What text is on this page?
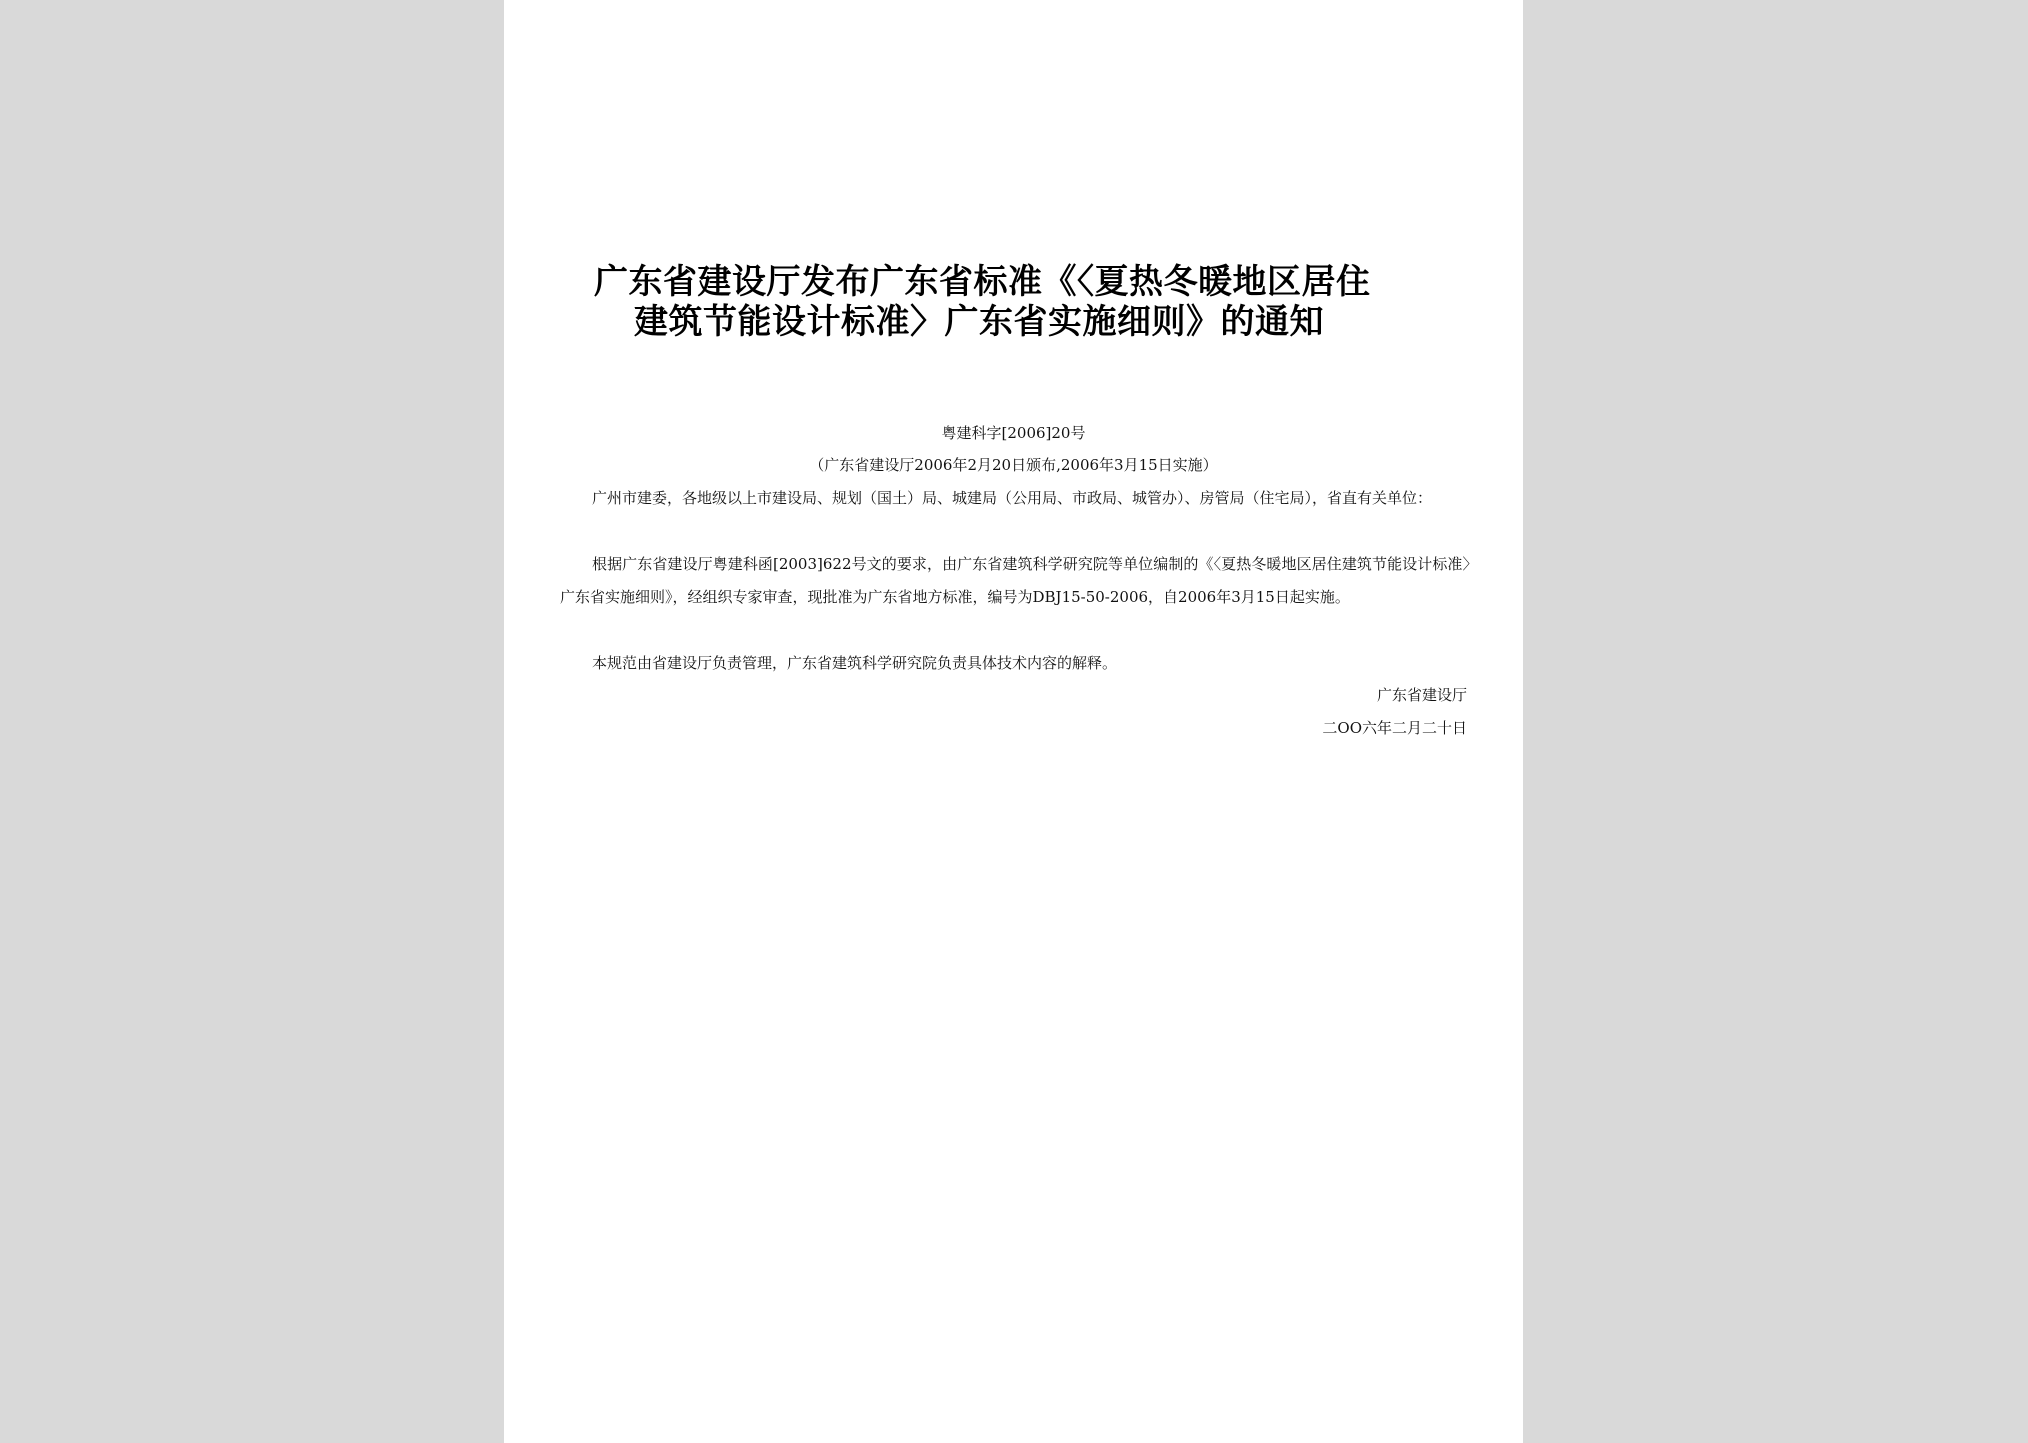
广东省建设厅发布广东省标准《〈夏热冬暖地区居住
建筑节能设计标准〉广东省实施细则》的通知
粤建科字[2006]20号
（广东省建设厅2006年2月20日颁布,2006年3月15日实施）
广州市建委，各地级以上市建设局、规划（国土）局、城建局（公用局、市政局、城管办）、房管局（住宅局），省直有关单位：
根据广东省建设厅粤建科函[2003]622号文的要求，由广东省建筑科学研究院等单位编制的《〈夏热冬暖地区居住建筑节能设计标准〉广东省实施细则》，经组织专家审查，现批准为广东省地方标准，编号为DBJ15-50-2006，自2006年3月15日起实施。
本规范由省建设厅负责管理，广东省建筑科学研究院负责具体技术内容的解释。
广东省建设厅
二OO六年二月二十日
